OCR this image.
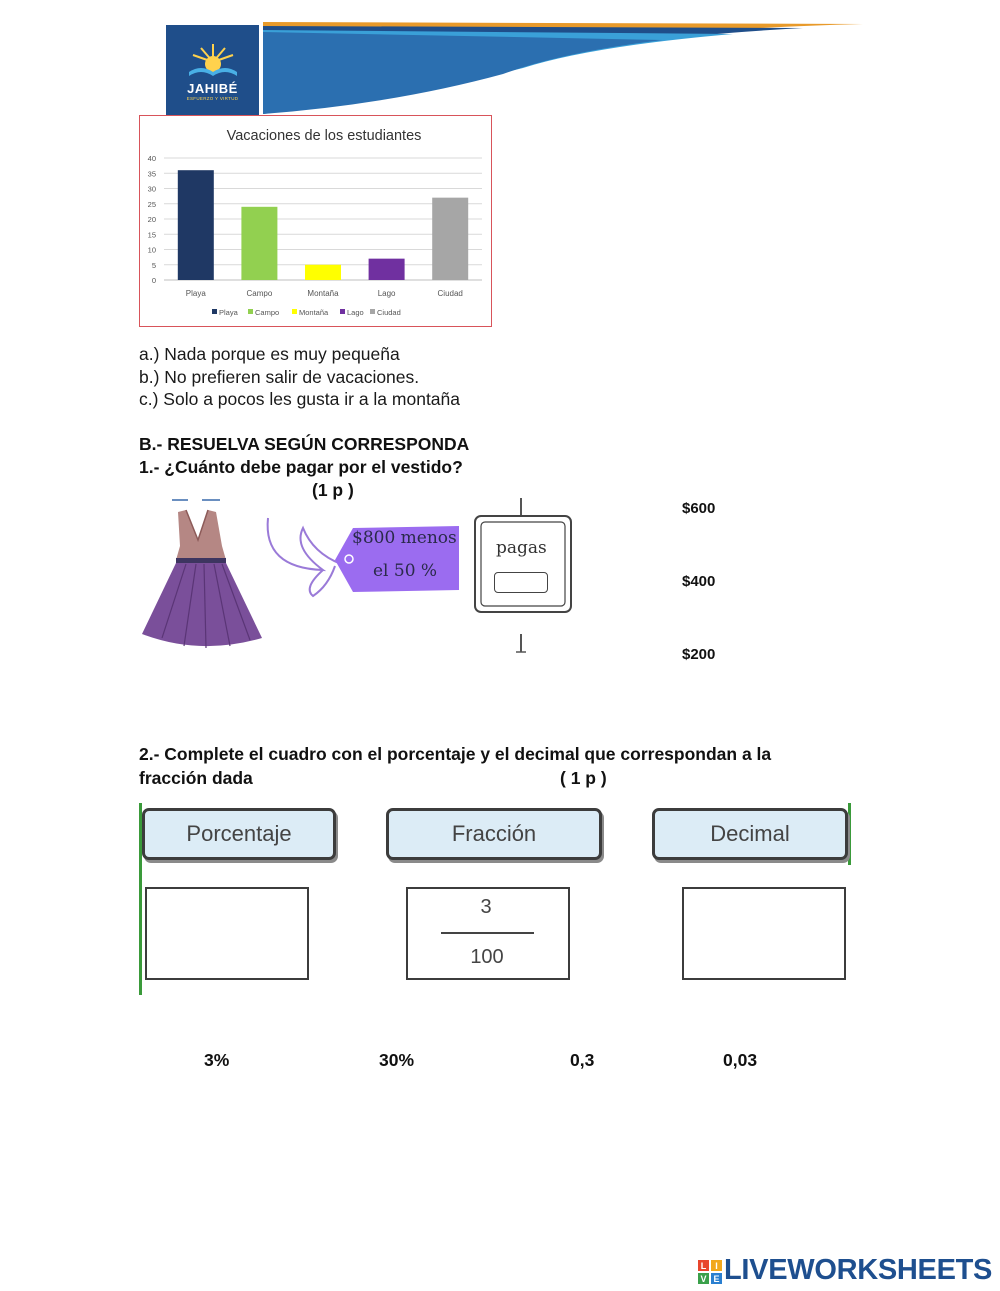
JAHIBÉ
ESFUERZO Y VIRTUD
Vacaciones de los estudiantes
0
5
10
15
20
25
30
35
40
Playa	Campo	Montaña	Lago	Ciudad
Playa Campo	Montaña	Lago Ciudad
a.) Nada porque es muy pequeña
b.) No prefieren salir de vacaciones.
c.) Solo a pocos les gusta ir a la montaña
B.- RESUELVA SEGÚN CORRESPONDA
1.- ¿Cuánto debe pagar por el vestido?
(1 p )
$800 menos
el 50 %
pagas
$600
$400
$200
2.- Complete el cuadro con el porcentaje y el decimal que correspondan a la
fracción dada	( 1 p )
Porcentaje	Fracción	Decimal
3
100
3%	30%	0,3	0,03
L I
V E LIVEWORKSHEETS
